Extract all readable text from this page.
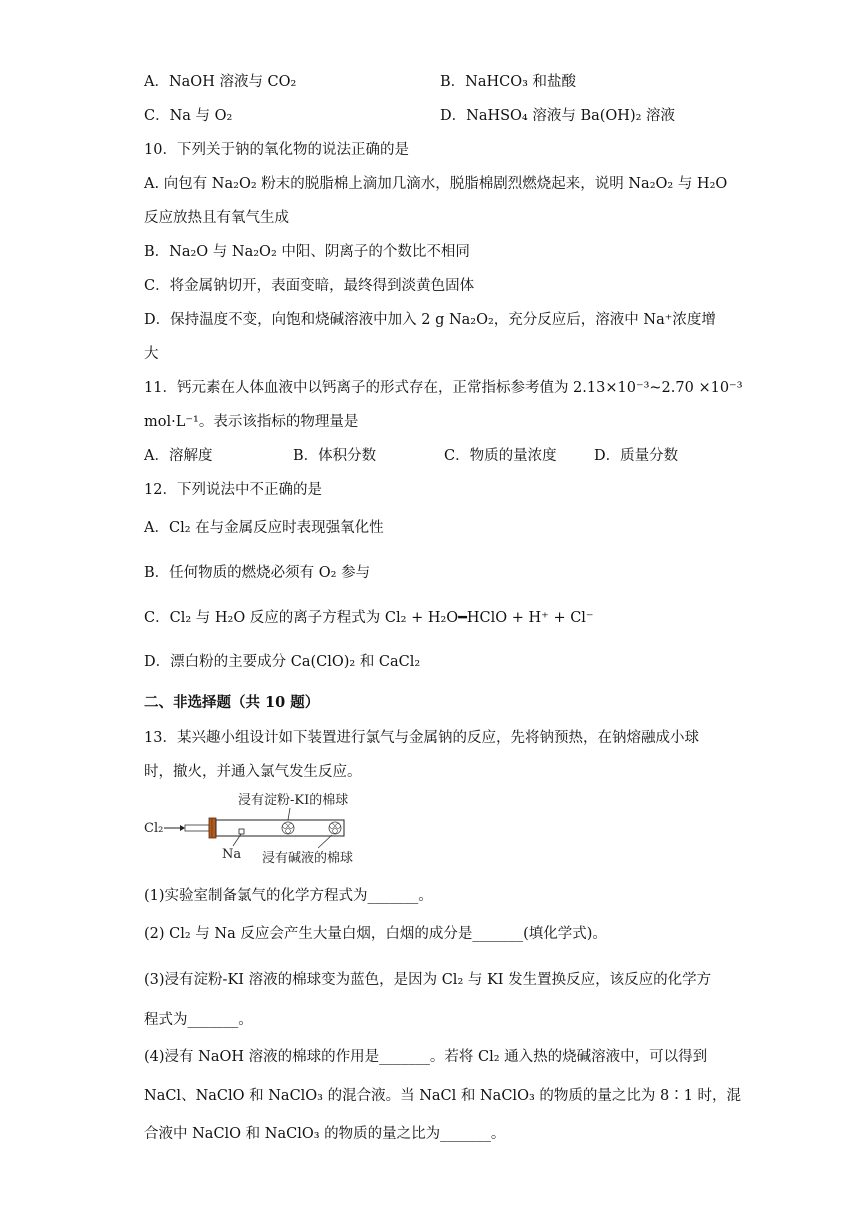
A．NaOH 溶液与 CO₂	B．NaHCO₃ 和盐酸
C．Na 与 O₂	D．NaHSO₄ 溶液与 Ba(OH)₂ 溶液
10．下列关于钠的氧化物的说法正确的是
A. 向包有 Na₂O₂ 粉末的脱脂棉上滴加几滴水，脱脂棉剧烈燃烧起来，说明 Na₂O₂ 与 H₂O
反应放热且有氧气生成
B．Na₂O 与 Na₂O₂ 中阳、阴离子的个数比不相同
C．将金属钠切开，表面变暗，最终得到淡黄色固体
D．保持温度不变，向饱和烧碱溶液中加入 2 g Na₂O₂，充分反应后，溶液中 Na⁺浓度增
大
11．钙元素在人体血液中以钙离子的形式存在，正常指标参考值为 2.13×10⁻³~2.70 ×10⁻³
mol·L⁻¹。表示该指标的物理量是
A．溶解度	B．体积分数	C．物质的量浓度	D．质量分数
12．下列说法中不正确的是
A．Cl₂ 在与金属反应时表现强氧化性
B．任何物质的燃烧必须有 O₂ 参与
C．Cl₂ 与 H₂O 反应的离子方程式为 Cl₂ + H₂O━HClO + H⁺ + Cl⁻
D．漂白粉的主要成分 Ca(ClO)₂ 和 CaCl₂
二、非选择题（共 10 题）
13．某兴趣小组设计如下装置进行氯气与金属钠的反应，先将钠预热，在钠熔融成小球
时，撤火，并通入氯气发生反应。
浸有淀粉-KI的棉球
Cl₂
Na 浸有碱液的棉球
(1)实验室制备氯气的化学方程式为_______。
(2) Cl₂ 与 Na 反应会产生大量白烟，白烟的成分是_______(填化学式)。
(3)浸有淀粉-KI 溶液的棉球变为蓝色，是因为 Cl₂ 与 KI 发生置换反应，该反应的化学方
程式为_______。
(4)浸有 NaOH 溶液的棉球的作用是_______。若将 Cl₂ 通入热的烧碱溶液中，可以得到
NaCl、NaClO 和 NaClO₃ 的混合液。当 NaCl 和 NaClO₃ 的物质的量之比为 8∶1 时，混
合液中 NaClO 和 NaClO₃ 的物质的量之比为_______。
